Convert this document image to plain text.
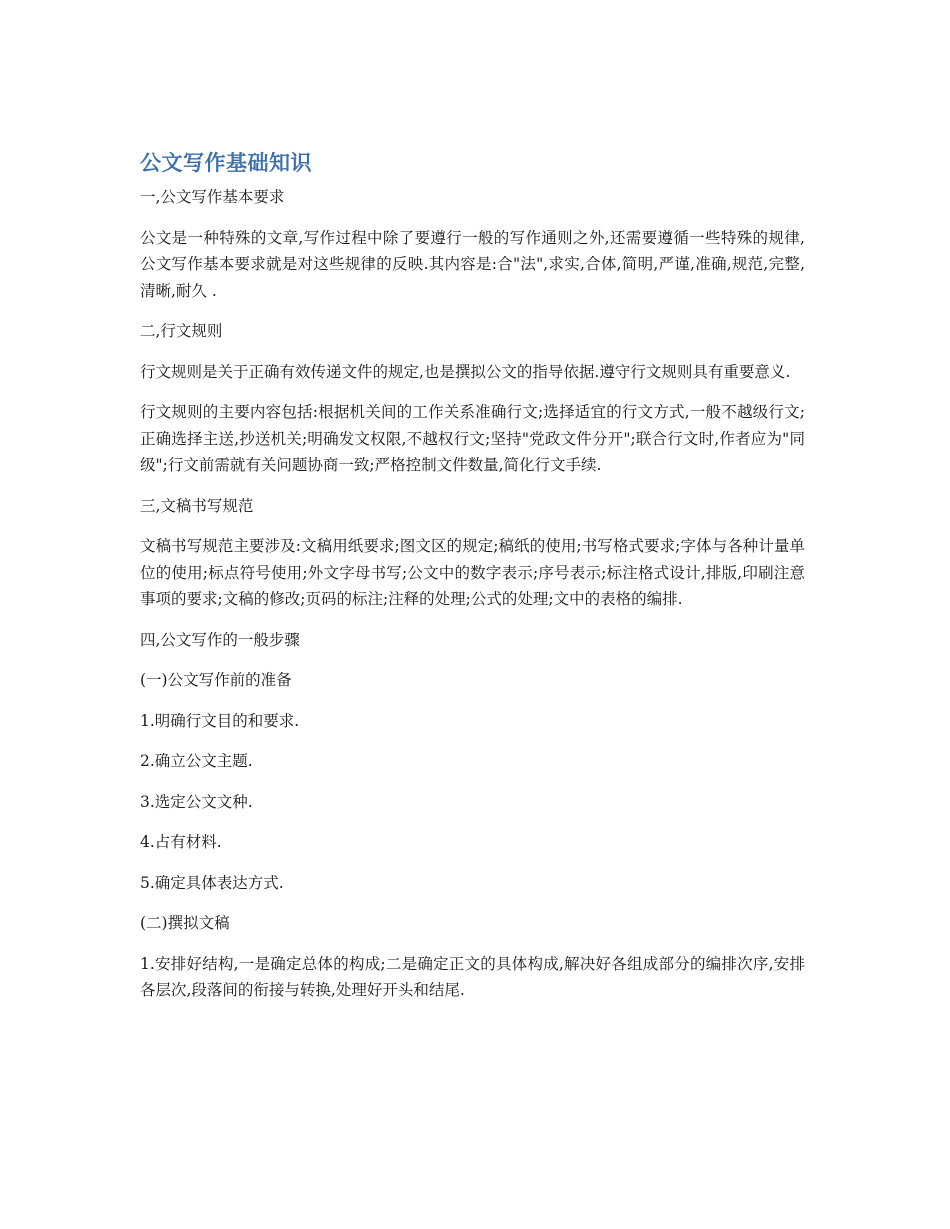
公文写作基础知识

一,公文写作基本要求

公文是一种特殊的文章,写作过程中除了要遵行一般的写作通则之外,还需要遵循一些特殊的规律,公文写作基本要求就是对这些规律的反映.其内容是:合"法",求实,合体,简明,严谨,准确,规范,完整,清晰,耐久 .

二,行文规则

行文规则是关于正确有效传递文件的规定,也是撰拟公文的指导依据.遵守行文规则具有重要意义.

行文规则的主要内容包括:根据机关间的工作关系准确行文;选择适宜的行文方式,一般不越级行文;正确选择主送,抄送机关;明确发文权限,不越权行文;坚持"党政文件分开";联合行文时,作者应为"同级";行文前需就有关问题协商一致;严格控制文件数量,简化行文手续.

三,文稿书写规范

文稿书写规范主要涉及:文稿用纸要求;图文区的规定;稿纸的使用;书写格式要求;字体与各种计量单位的使用;标点符号使用;外文字母书写;公文中的数字表示;序号表示;标注格式设计,排版,印刷注意事项的要求;文稿的修改;页码的标注;注释的处理;公式的处理;文中的表格的编排.

四,公文写作的一般步骤

(一)公文写作前的准备

1.明确行文目的和要求.

2.确立公文主题.

3.选定公文文种.

4.占有材料.

5.确定具体表达方式.

(二)撰拟文稿

1.安排好结构,一是确定总体的构成;二是确定正文的具体构成,解决好各组成部分的编排次序,安排各层次,段落间的衔接与转换,处理好开头和结尾.
